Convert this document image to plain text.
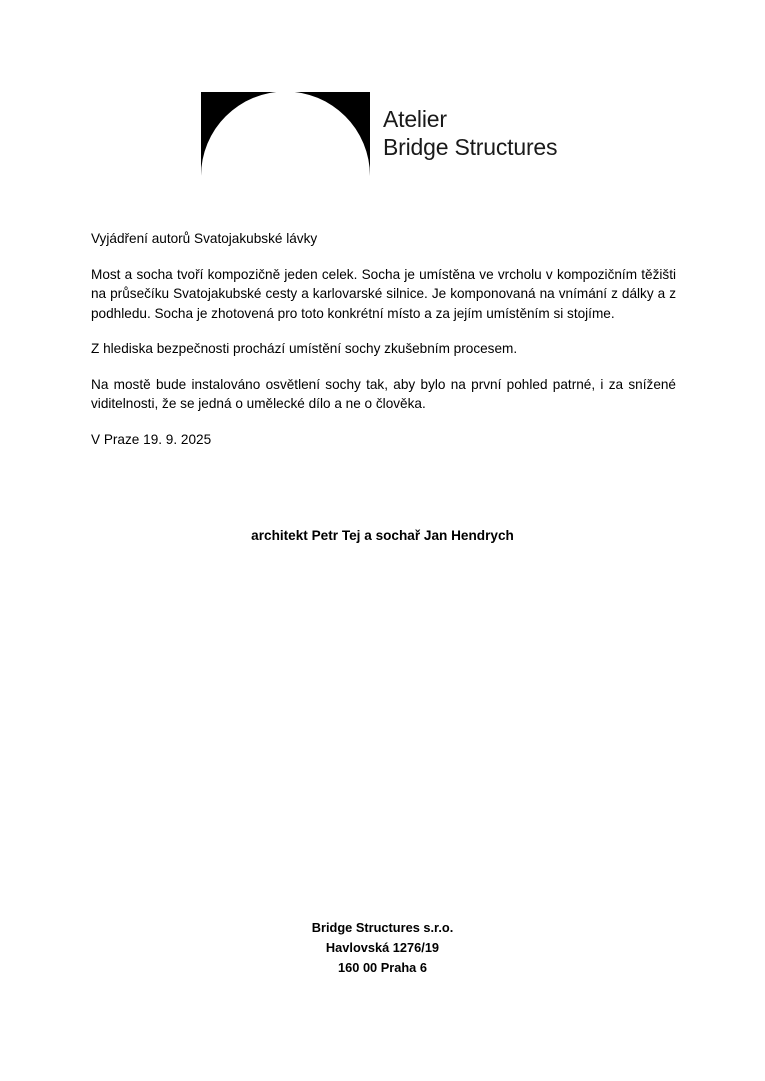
Atelier
Bridge Structures

Vyjádření autorů Svatojakubské lávky

Most a socha tvoří kompozičně jeden celek. Socha je umístěna ve vrcholu v kompozičním těžišti na průsečíku Svatojakubské cesty a karlovarské silnice. Je komponovaná na vnímání z dálky a z podhledu. Socha je zhotovená pro toto konkrétní místo a za jejím umístěním si stojíme.

Z hlediska bezpečnosti prochází umístění sochy zkušebním procesem.

Na mostě bude instalováno osvětlení sochy tak, aby bylo na první pohled patrné, i za snížené viditelnosti, že se jedná o umělecké dílo a ne o člověka.

V Praze 19. 9. 2025

architekt Petr Tej a sochař Jan Hendrych
Bridge Structures s.r.o.
Havlovská 1276/19
160 00 Praha 6
